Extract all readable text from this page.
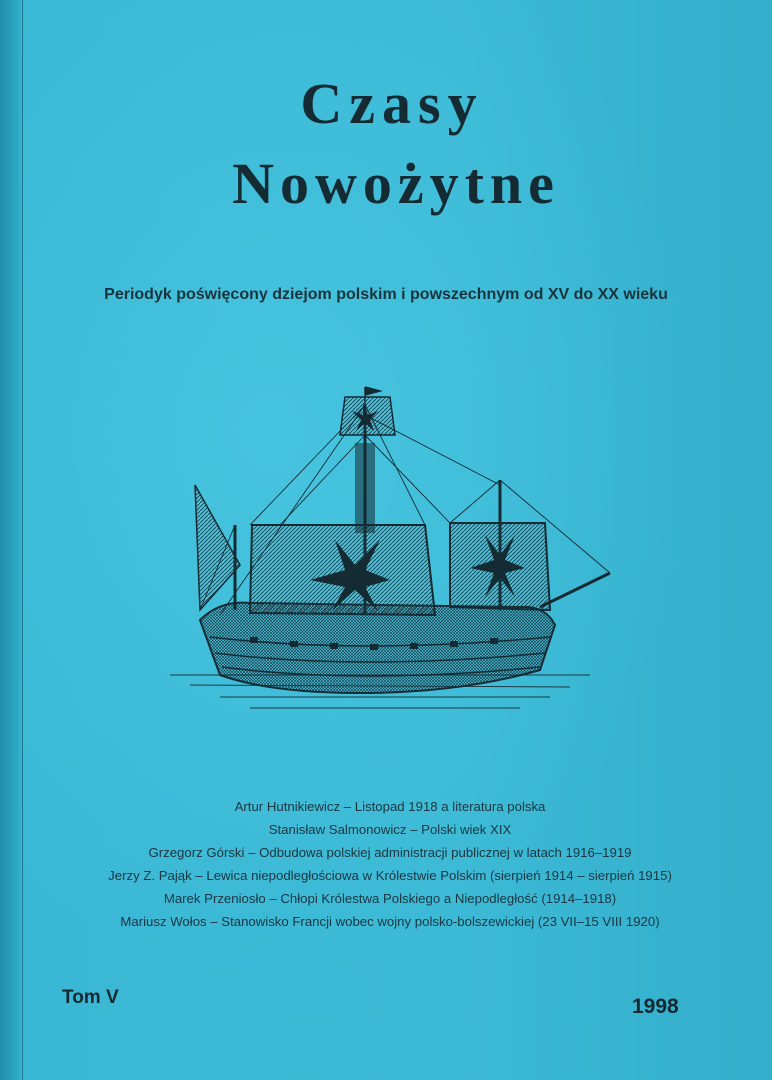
Czasy
Nowożytne
Periodyk poświęcony dziejom polskim i powszechnym od XV do XX wieku
Artur Hutnikiewicz – Listopad 1918 a literatura polska
Stanisław Salmonowicz – Polski wiek XIX
Grzegorz Górski – Odbudowa polskiej administracji publicznej w latach 1916–1919
Jerzy Z. Pająk – Lewica niepodległościowa w Królestwie Polskim (sierpień 1914 – sierpień 1915)
Marek Przeniosło – Chłopi Królestwa Polskiego a Niepodległość (1914–1918)
Mariusz Wołos – Stanowisko Francji wobec wojny polsko-bolszewickiej (23 VII–15 VIII 1920)
Tom V	1998
